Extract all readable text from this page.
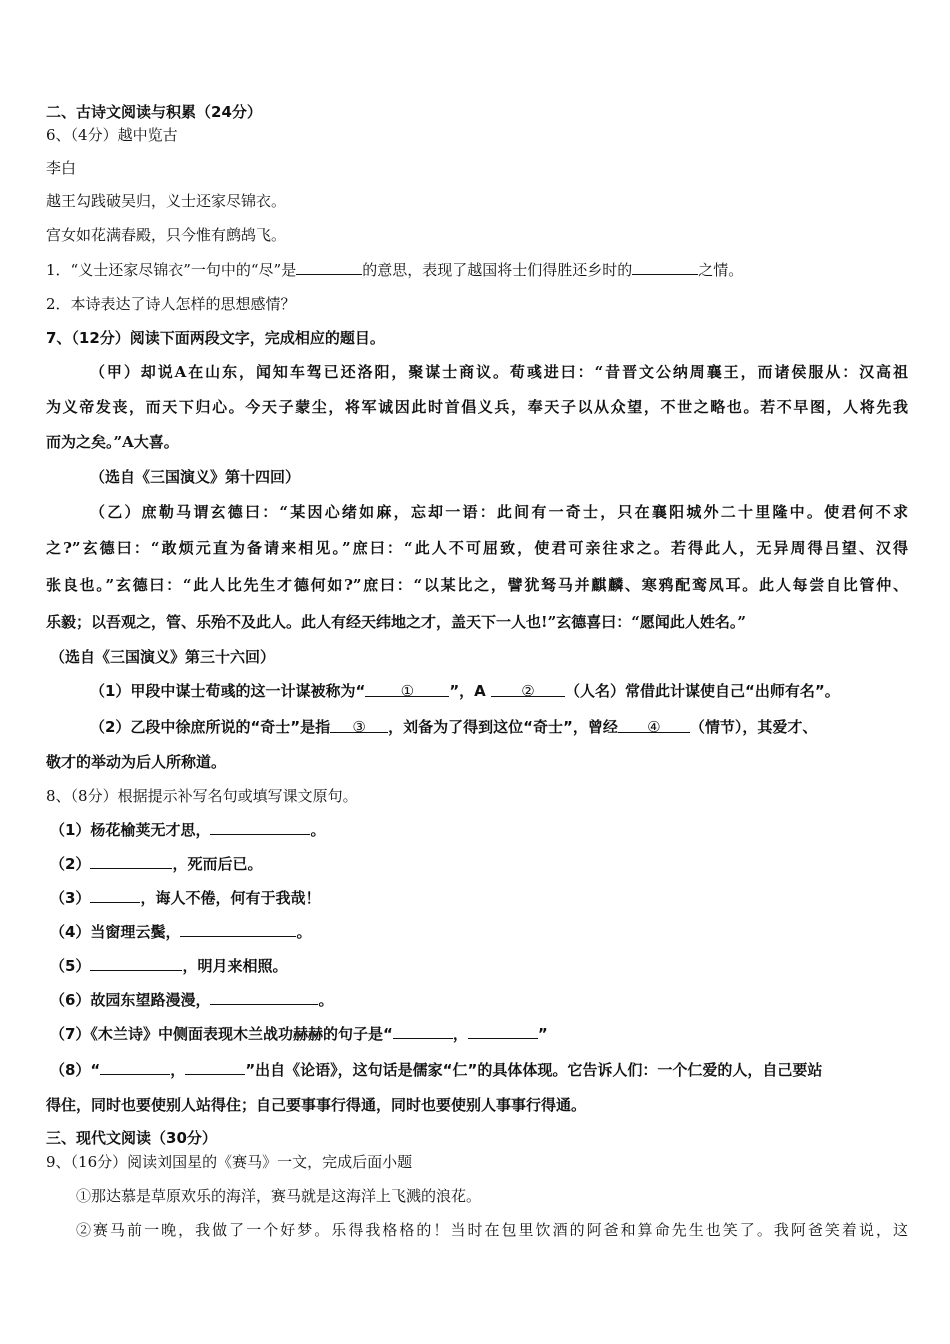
二、古诗文阅读与积累（24分）
6、（4分）越中览古
李白
越王勾践破吴归，义士还家尽锦衣。
宫女如花满春殿，只今惟有鹧鸪飞。
1．“义士还家尽锦衣”一句中的“尽”是	的意思，表现了越国将士们得胜还乡时的	之情。
2．本诗表达了诗人怎样的思想感情？
7、（12分）阅读下面两段文字，完成相应的题目。
（甲）却说A在山东，闻知车驾已还洛阳，聚谋士商议。荀彧进曰：“昔晋文公纳周襄王，而诸侯服从：汉高祖
为义帝发丧，而天下归心。今天子蒙尘，将军诚因此时首倡义兵，奉天子以从众望，不世之略也。若不早图，人将先我
而为之矣。”A大喜。
（选自《三国演义》第十四回）
（乙）庶勒马谓玄德曰：“某因心绪如麻，忘却一语：此间有一奇士，只在襄阳城外二十里隆中。使君何不求
之?”玄德曰：“敢烦元直为备请来相见。”庶曰：“此人不可屈致，使君可亲往求之。若得此人，无异周得吕望、汉得
张良也。”玄德曰：“此人比先生才德何如?”庶曰：“以某比之，譬犹驽马并麒麟、寒鸦配鸾凤耳。此人每尝自比管仲、
乐毅；以吾观之，管、乐殆不及此人。此人有经天纬地之才，盖天下一人也!”玄德喜曰：“愿闻此人姓名。”
（选自《三国演义》第三十六回）
（1）甲段中谋士荀彧的这一计谋被称为“ ① ”，A ② （人名）常借此计谋使自己“出师有名”。
（2）乙段中徐庶所说的“奇士”是指 ③ ，刘备为了得到这位“奇士”，曾经 ④ （情节），其爱才、
敬才的举动为后人所称道。
8、（8分）根据提示补写名句或填写课文原句。
（1）杨花榆荚无才思，	。
（2）	，死而后已。
（3）	，诲人不倦，何有于我哉！
（4）当窗理云鬓，	。
（5）	，明月来相照。
（6）故园东望路漫漫，	。
（7）《木兰诗》中侧面表现木兰战功赫赫的句子是“	，	”
（8）“	，	”出自《论语》，这句话是儒家“仁”的具体体现。它告诉人们：一个仁爱的人，自己要站
得住，同时也要使别人站得住；自己要事事行得通，同时也要使别人事事行得通。
三、现代文阅读（30分）
9、（16分）阅读刘国星的《赛马》一文，完成后面小题
①那达慕是草原欢乐的海洋，赛马就是这海洋上飞溅的浪花。
②赛马前一晚，我做了一个好梦。乐得我格格的！当时在包里饮酒的阿爸和算命先生也笑了。我阿爸笑着说，这
